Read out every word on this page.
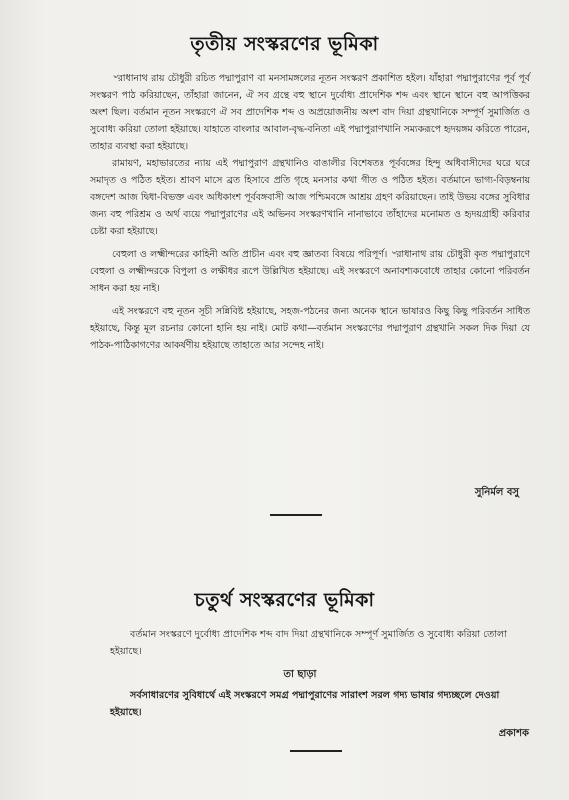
তৃতীয় সংস্করণের ভূমিকা

৺রাধানাথ রায় চৌধুরী রচিত পদ্মাপুরাণ বা মনসামঙ্গলের নূতন সংস্করণ প্রকাশিত হইল। যাঁহারা পদ্মাপুরাণের পূর্ব পূর্ব সংস্করণ পাঠ করিয়াছেন, তাঁহারা জানেন, ঐ সব গ্রন্থে বহু স্থানে দুর্বোধ্য প্রাদেশিক শব্দ এবং স্থানে স্থানে বহু আপত্তিকর অংশ ছিল। বর্তমান নূতন সংস্করণে ঐ সব প্রাদেশিক শব্দ ও অপ্রয়োজনীয় অংশ বাদ দিয়া গ্রন্থখানিকে সম্পূর্ণ সুমার্জিত ও সুবোধ্য করিয়া তোলা হইয়াছে। যাহাতে বাংলার আবাল-বৃদ্ধ-বনিতা এই পদ্মাপুরাণখানি সম্যকরূপে হৃদয়ঙ্গম করিতে পারেন, তাহার ব্যবস্থা করা হইয়াছে।

রামায়ণ, মহাভারতের ন্যায় এই পদ্মাপুরাণ গ্রন্থখানিও বাঙালীর বিশেষতঃ পূর্ববঙ্গের হিন্দু অধিবাসীদের ঘরে ঘরে সমাদৃত ও পঠিত হইত। শ্রাবণ মাসে ব্রত হিসাবে প্রতি গৃহে মনসার কথা গীত ও পঠিত হইত। বর্তমানে ভাগ্য-বিড়ম্বনায় বঙ্গদেশ আজ দ্বিধা-বিভক্ত এবং অধিকাংশ পূর্ববঙ্গবাসী আজ পশ্চিমবঙ্গে আশ্রয় গ্রহণ করিয়াছেন। তাই উভয় বঙ্গের সুবিধার জন্য বহু পরিশ্রম ও অর্থ ব্যয়ে পদ্মাপুরাণের এই অভিনব সংস্করণখানি নানাভাবে তাঁহাদের মনোমত ও হৃদয়গ্রাহী করিবার চেষ্টা করা হইয়াছে।

বেহুলা ও লক্ষ্মীন্দরের কাহিনী অতি প্রাচীন এবং বহু জ্ঞাতব্য বিষয়ে পরিপূর্ণ। ৺রাধানাথ রায় চৌধুরী কৃত পদ্মাপুরাণে বেহুলা ও লক্ষ্মীন্দরকে বিপুলা ও লক্ষীধর রূপে উল্লিখিত হইয়াছে। এই সংস্করণে অনাবশ্যকবোধে তাহার কোনো পরিবর্তন সাধন করা হয় নাই।

এই সংস্করণে বহু নূতন সূচী সন্নিবিষ্ট হইয়াছে, সহজ-পঠনের জন্য অনেক স্থানে ভাষারও কিছু কিছু পরিবর্তন সাধিত হইয়াছে, কিন্তু মূল রচনার কোনো হানি হয় নাই। মোট কথা—বর্তমান সংস্করণের পদ্মাপুরাণ গ্রন্থখানি সকল দিক দিয়া যে পাঠক-পাঠিকাগণের আকর্ষণীয় হইয়াছে তাহাতে আর সন্দেহ নাই।

সুনির্মল বসু
চতুর্থ সংস্করণের ভূমিকা

বর্তমান সংস্করণে দুর্বোধ্য প্রাদেশিক শব্দ বাদ দিয়া গ্রন্থখানিকে সম্পূর্ণ সুমার্জিত ও সুবোধ্য করিয়া তোলা হইয়াছে।

তা ছাড়া

সর্বসাধারণের সুবিধার্থে এই সংস্করণে সমগ্র পদ্মাপুরাণের সারাংশ সরল গদ্য ভাষার গদ্যচ্ছলে দেওয়া হইয়াছে।

প্রকাশক
